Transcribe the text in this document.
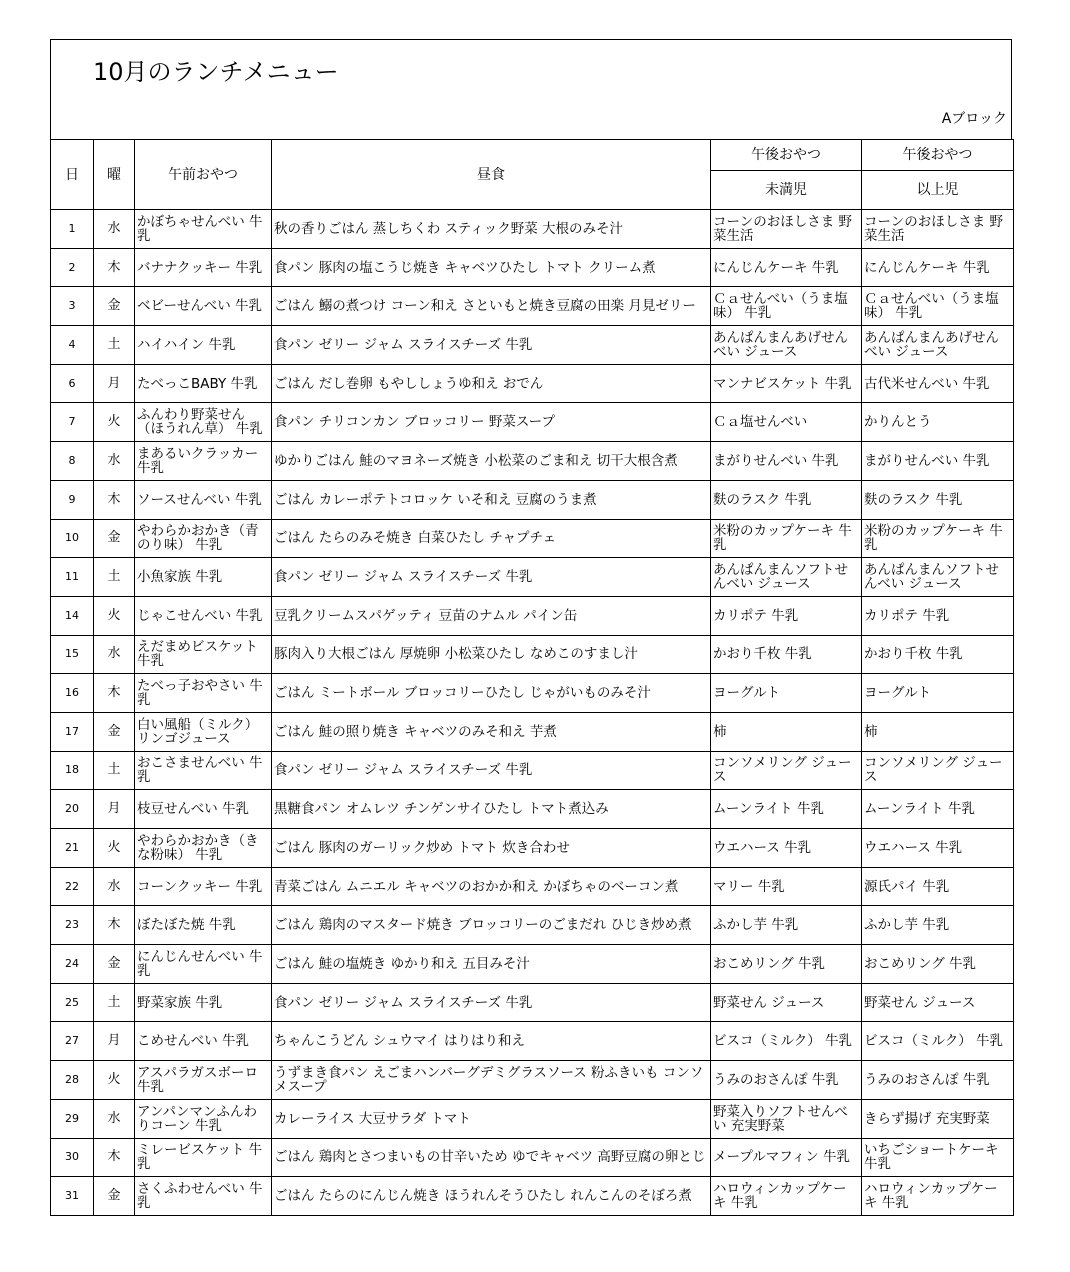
10月のランチメニュー
Aブロック
日	曜	午前おやつ	昼食	午後おやつ	午後おやつ
				未満児	以上児
1	水	かぼちゃせんべい 牛乳	秋の香りごはん 蒸しちくわ スティック野菜 大根のみそ汁	コーンのおほしさま 野菜生活	コーンのおほしさま 野菜生活
2	木	バナナクッキー 牛乳	食パン 豚肉の塩こうじ焼き キャベツひたし トマト クリーム煮	にんじんケーキ 牛乳	にんじんケーキ 牛乳
3	金	ベビーせんべい 牛乳	ごはん 鰯の煮つけ コーン和え さといもと焼き豆腐の田楽 月見ゼリー	Ｃａせんべい（うま塩味） 牛乳	Ｃａせんべい（うま塩味） 牛乳
4	土	ハイハイン 牛乳	食パン ゼリー ジャム スライスチーズ 牛乳	あんぱんまんあげせんべい ジュース	あんぱんまんあげせんべい ジュース
6	月	たべっこBABY 牛乳	ごはん だし巻卵 もやししょうゆ和え おでん	マンナビスケット 牛乳	古代米せんべい 牛乳
7	火	ふんわり野菜せん（ほうれん草） 牛乳	食パン チリコンカン ブロッコリー 野菜スープ	Ｃａ塩せんべい	かりんとう
8	水	まあるいクラッカー 牛乳	ゆかりごはん 鮭のマヨネーズ焼き 小松菜のごま和え 切干大根含煮	まがりせんべい 牛乳	まがりせんべい 牛乳
9	木	ソースせんべい 牛乳	ごはん カレーポテトコロッケ いそ和え 豆腐のうま煮	麩のラスク 牛乳	麩のラスク 牛乳
10	金	やわらかおかき（青のり味） 牛乳	ごはん たらのみそ焼き 白菜ひたし チャプチェ	米粉のカップケーキ 牛乳	米粉のカップケーキ 牛乳
11	土	小魚家族 牛乳	食パン ゼリー ジャム スライスチーズ 牛乳	あんぱんまんソフトせんべい ジュース	あんぱんまんソフトせんべい ジュース
14	火	じゃこせんべい 牛乳	豆乳クリームスパゲッティ 豆苗のナムル パイン缶	カリポテ 牛乳	カリポテ 牛乳
15	水	えだまめビスケット 牛乳	豚肉入り大根ごはん 厚焼卵 小松菜ひたし なめこのすまし汁	かおり千枚 牛乳	かおり千枚 牛乳
16	木	たべっ子おやさい 牛乳	ごはん ミートボール ブロッコリーひたし じゃがいものみそ汁	ヨーグルト	ヨーグルト
17	金	白い風船（ミルク） リンゴジュース	ごはん 鮭の照り焼き キャベツのみそ和え 芋煮	柿	柿
18	土	おこさませんべい 牛乳	食パン ゼリー ジャム スライスチーズ 牛乳	コンソメリング ジュース	コンソメリング ジュース
20	月	枝豆せんべい 牛乳	黒糖食パン オムレツ チンゲンサイひたし トマト煮込み	ムーンライト 牛乳	ムーンライト 牛乳
21	火	やわらかおかき（きな粉味） 牛乳	ごはん 豚肉のガーリック炒め トマト 炊き合わせ	ウエハース 牛乳	ウエハース 牛乳
22	水	コーンクッキー 牛乳	青菜ごはん ムニエル キャベツのおかか和え かぼちゃのベーコン煮	マリー 牛乳	源氏パイ 牛乳
23	木	ぼたぼた焼 牛乳	ごはん 鶏肉のマスタード焼き ブロッコリーのごまだれ ひじき炒め煮	ふかし芋 牛乳	ふかし芋 牛乳
24	金	にんじんせんべい 牛乳	ごはん 鮭の塩焼き ゆかり和え 五目みそ汁	おこめリング 牛乳	おこめリング 牛乳
25	土	野菜家族 牛乳	食パン ゼリー ジャム スライスチーズ 牛乳	野菜せん ジュース	野菜せん ジュース
27	月	こめせんべい 牛乳	ちゃんこうどん シュウマイ はりはり和え	ビスコ（ミルク） 牛乳	ビスコ（ミルク） 牛乳
28	火	アスパラガスボーロ 牛乳	うずまき食パン えごまハンバーグデミグラスソース 粉ふきいも コンソメスープ	うみのおさんぽ 牛乳	うみのおさんぽ 牛乳
29	水	アンパンマンふんわりコーン 牛乳	カレーライス 大豆サラダ トマト	野菜入りソフトせんべい 充実野菜	きらず揚げ 充実野菜
30	木	ミレービスケット 牛乳	ごはん 鶏肉とさつまいもの甘辛いため ゆでキャベツ 高野豆腐の卵とじ	メープルマフィン 牛乳	いちごショートケーキ 牛乳
31	金	さくふわせんべい 牛乳	ごはん たらのにんじん焼き ほうれんそうひたし れんこんのそぼろ煮	ハロウィンカップケーキ 牛乳	ハロウィンカップケーキ 牛乳
